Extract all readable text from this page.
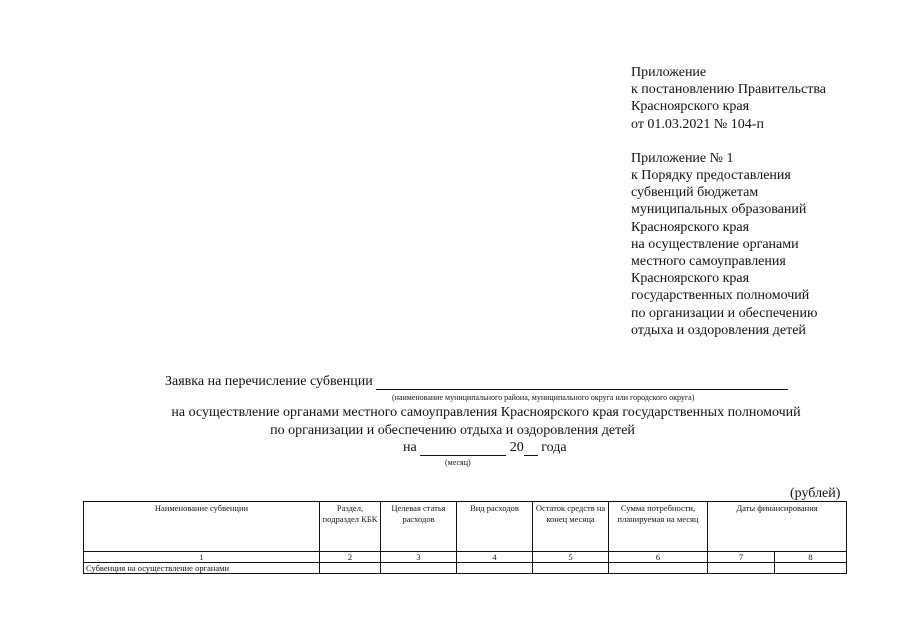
Приложение
к постановлению Правительства
Красноярского края
от 01.03.2021 № 104-п
Приложение № 1
к Порядку предоставления
субвенций бюджетам
муниципальных образований
Красноярского края
на осуществление органами
местного самоуправления
Красноярского края
государственных полномочий
по организации и обеспечению
отдыха и оздоровления детей
Заявка на перечисление субвенции
(наименование муниципального района, муниципального округа или городского округа)
на осуществление органами местного самоуправления Красноярского края государственных полномочий
по организации и обеспечению отдыха и оздоровления детей
на	20 года
(месяц)
(рублей)
Наименование субвенции	Раздел, подраздел КБК	Целевая статья расходов	Вид расходов	Остаток средств на конец месяца	Сумма потребности, планируемая на месяц	Даты финансирования	
1	2	3	4	5	6	7	8
Субвенция на осуществление органами							
